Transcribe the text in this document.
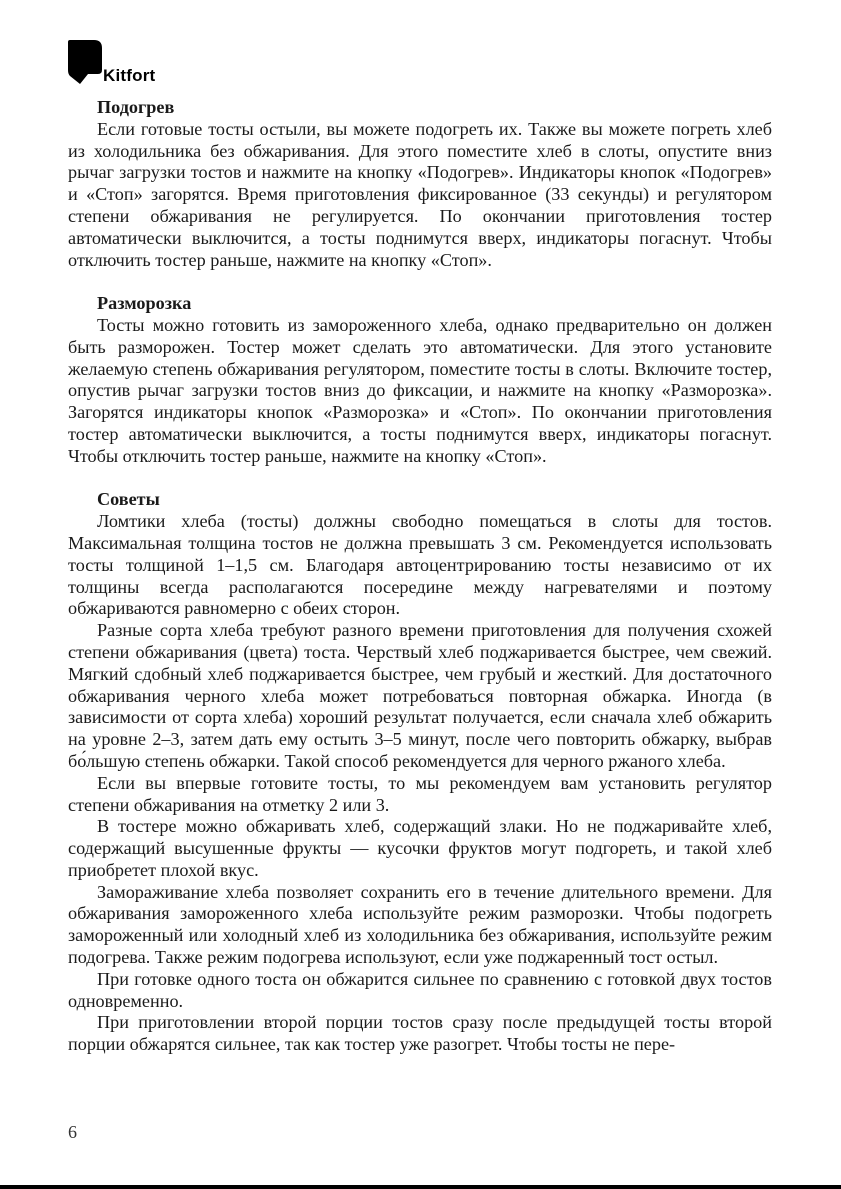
Kitfort
Подогрев

Если готовые тосты остыли, вы можете подогреть их. Также вы можете погреть хлеб из холодильника без обжаривания. Для этого поместите хлеб в слоты, опустите вниз рычаг загрузки тостов и нажмите на кнопку «Подогрев». Индикаторы кнопок «Подогрев» и «Стоп» загорятся. Время приготовления фиксированное (33 секунды) и регулятором степени обжаривания не регулируется. По окончании приготовления тостер автоматически выключится, а тосты поднимутся вверх, индикаторы погаснут. Чтобы отключить тостер раньше, нажмите на кнопку «Стоп».

Разморозка

Тосты можно готовить из замороженного хлеба, однако предварительно он должен быть разморожен. Тостер может сделать это автоматически. Для этого установите желаемую степень обжаривания регулятором, поместите тосты в слоты. Включите тостер, опустив рычаг загрузки тостов вниз до фиксации, и нажмите на кнопку «Разморозка». Загорятся индикаторы кнопок «Разморозка» и «Стоп». По окончании приготовления тостер автоматически выключится, а тосты поднимутся вверх, индикаторы погаснут. Чтобы отключить тостер раньше, нажмите на кнопку «Стоп».

Советы

Ломтики хлеба (тосты) должны свободно помещаться в слоты для тостов. Максимальная толщина тостов не должна превышать 3 см. Рекомендуется использовать тосты толщиной 1–1,5 см. Благодаря автоцентрированию тосты независимо от их толщины всегда располагаются посередине между нагревателями и поэтому обжариваются равномерно с обеих сторон.

Разные сорта хлеба требуют разного времени приготовления для получения схожей степени обжаривания (цвета) тоста. Черствый хлеб поджаривается быстрее, чем свежий. Мягкий сдобный хлеб поджаривается быстрее, чем грубый и жесткий. Для достаточного обжаривания черного хлеба может потребоваться повторная обжарка. Иногда (в зависимости от сорта хлеба) хороший результат получается, если сначала хлеб обжарить на уровне 2–3, затем дать ему остыть 3–5 минут, после чего повторить обжарку, выбрав бо́льшую степень обжарки. Такой способ рекомендуется для черного ржаного хлеба.

Если вы впервые готовите тосты, то мы рекомендуем вам установить регулятор степени обжаривания на отметку 2 или 3.

В тостере можно обжаривать хлеб, содержащий злаки. Но не поджаривайте хлеб, содержащий высушенные фрукты — кусочки фруктов могут подгореть, и такой хлеб приобретет плохой вкус.

Замораживание хлеба позволяет сохранить его в течение длительного времени. Для обжаривания замороженного хлеба используйте режим разморозки. Чтобы подогреть замороженный или холодный хлеб из холодильника без обжаривания, используйте режим подогрева. Также режим подогрева используют, если уже поджаренный тост остыл.

При готовке одного тоста он обжарится сильнее по сравнению с готовкой двух тостов одновременно.

При приготовлении второй порции тостов сразу после предыдущей тосты второй порции обжарятся сильнее, так как тостер уже разогрет. Чтобы тосты не пере-

6
